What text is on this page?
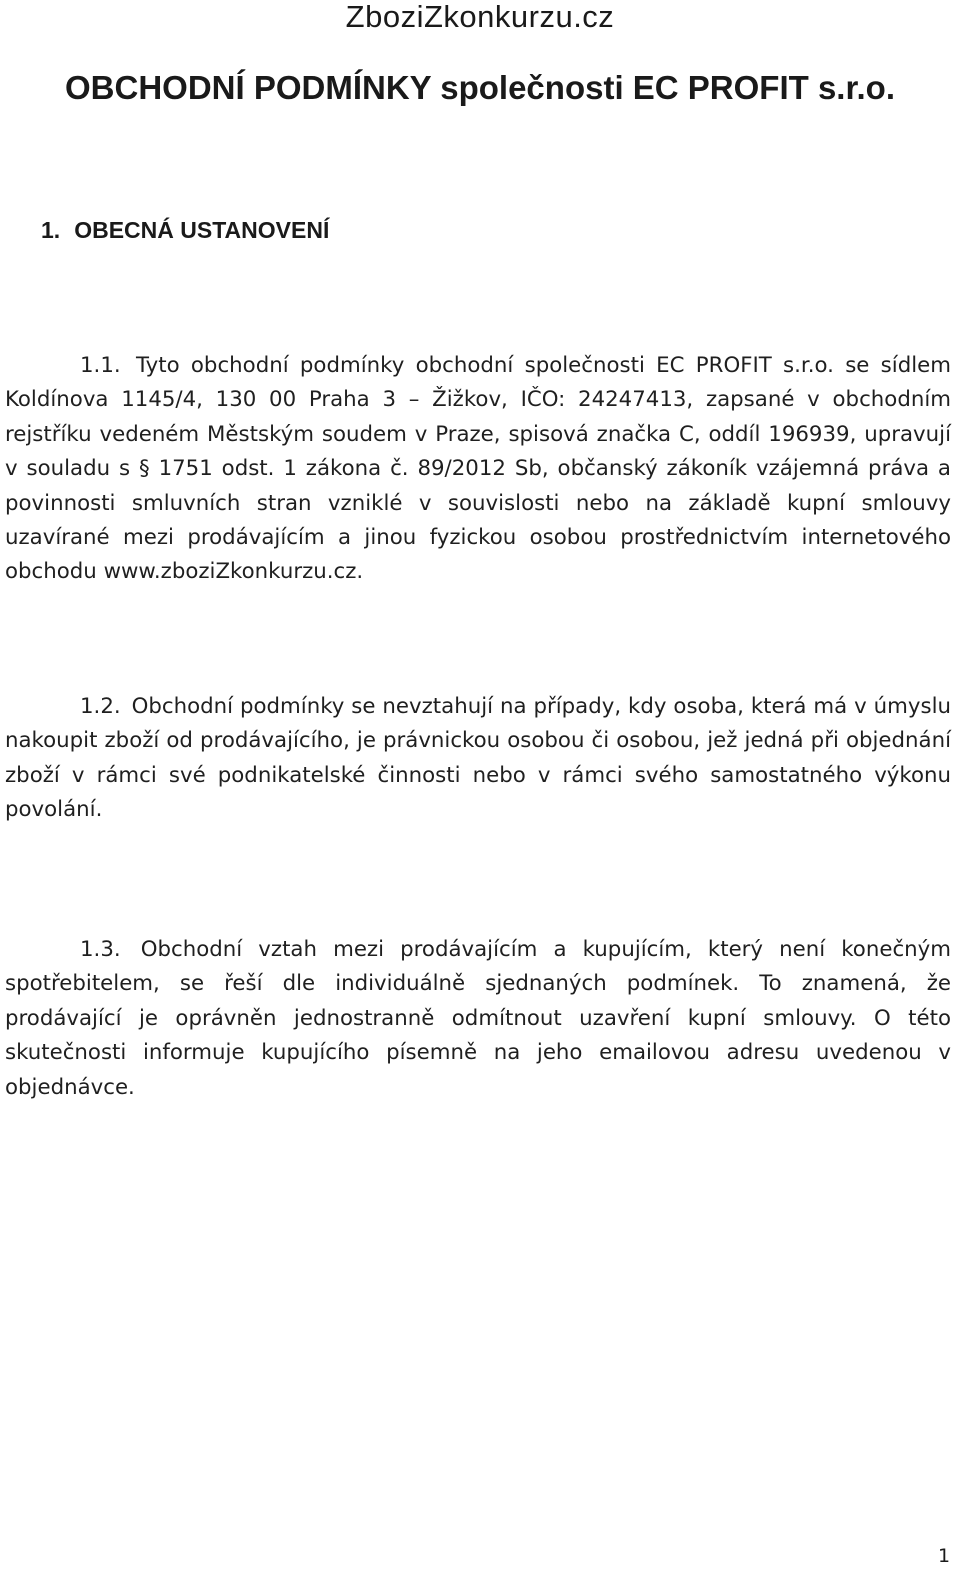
ZboziZkonkurzu.cz
OBCHODNÍ PODMÍNKY společnosti EC PROFIT s.r.o.
1. OBECNÁ USTANOVENÍ

1.1. Tyto obchodní podmínky obchodní společnosti EC PROFIT s.r.o. se sídlem Koldínova 1145/4, 130 00 Praha 3 – Žižkov, IČO: 24247413, zapsané v obchodním rejstříku vedeném Městským soudem v Praze, spisová značka C, oddíl 196939, upravují v souladu s § 1751 odst. 1 zákona č. 89/2012 Sb, občanský zákoník vzájemná práva a povinnosti smluvních stran vzniklé v souvislosti nebo na základě kupní smlouvy uzavírané mezi prodávajícím a jinou fyzickou osobou prostřednictvím internetového obchodu www.zboziZkonkurzu.cz.

1.2. Obchodní podmínky se nevztahují na případy, kdy osoba, která má v úmyslu nakoupit zboží od prodávajícího, je právnickou osobou či osobou, jež jedná při objednání zboží v rámci své podnikatelské činnosti nebo v rámci svého samostatného výkonu povolání.

1.3. Obchodní vztah mezi prodávajícím a kupujícím, který není konečným spotřebitelem, se řeší dle individuálně sjednaných podmínek. To znamená, že prodávající je oprávněn jednostranně odmítnout uzavření kupní smlouvy. O této skutečnosti informuje kupujícího písemně na jeho emailovou adresu uvedenou v objednávce.

1
